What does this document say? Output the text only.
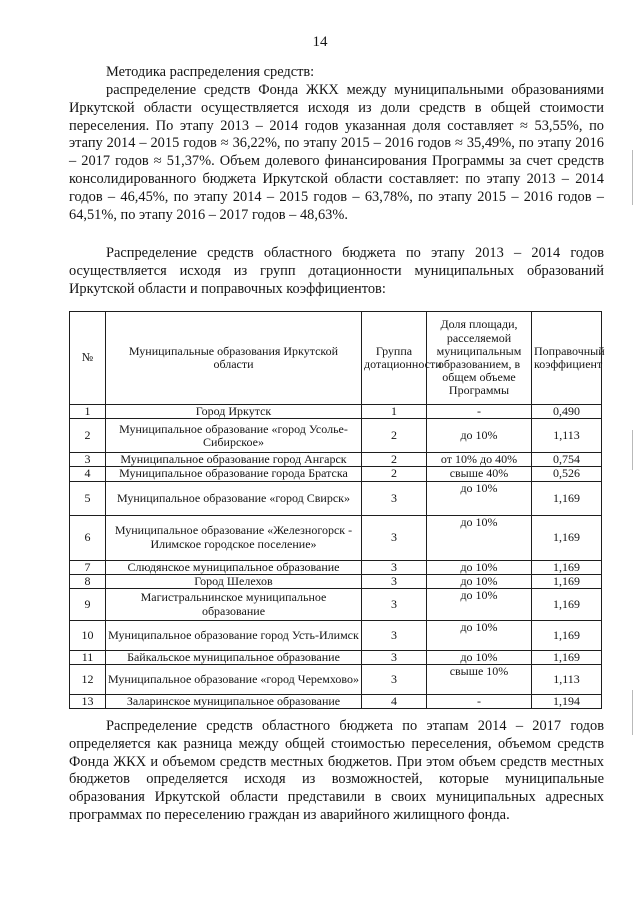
14

Методика распределения средств:

распределение средств Фонда ЖКХ между муниципальными образованиями Иркутской области осуществляется исходя из доли средств в общей стоимости переселения. По этапу 2013 – 2014 годов указанная доля составляет ≈ 53,55%, по этапу 2014 – 2015 годов ≈ 36,22%, по этапу 2015 – 2016 годов ≈ 35,49%, по этапу 2016 – 2017 годов ≈ 51,37%. Объем долевого финансирования Программы за счет средств консолидированного бюджета Иркутской области составляет: по этапу 2013 – 2014 годов – 46,45%, по этапу 2014 – 2015 годов – 63,78%, по этапу 2015 – 2016 годов – 64,51%, по этапу 2016 – 2017 годов – 48,63%.

Распределение средств областного бюджета по этапу 2013 – 2014 годов осуществляется исходя из групп дотационности муниципальных образований Иркутской области и поправочных коэффициентов:

№	Муниципальные образования Иркутской области	Группа дотационности	Доля площади, расселяемой муниципальным образованием, в общем объеме Программы	Поправочный коэффициент
1	Город Иркутск	1	-	0,490
2	Муниципальное образование «город Усолье-Сибирское»	2	до 10%	1,113
3	Муниципальное образование город Ангарск	2	от 10% до 40%	0,754
4	Муниципальное образование города Братска	2	свыше 40%	0,526
5	Муниципальное образование «город Свирск»	3	до 10%	1,169
6	Муниципальное образование «Железногорск - Илимское городское поселение»	3	до 10%	1,169
7	Слюдянское муниципальное образование	3	до 10%	1,169
8	Город Шелехов	3	до 10%	1,169
9	Магистральнинское муниципальное образование	3	до 10%	1,169
10	Муниципальное образование город Усть-Илимск	3	до 10%	1,169
11	Байкальское муниципальное образование	3	до 10%	1,169
12	Муниципальное образование «город Черемхово»	3	свыше 10%	1,113
13	Заларинское муниципальное образование	4	-	1,194

Распределение средств областного бюджета по этапам 2014 – 2017 годов определяется как разница между общей стоимостью переселения, объемом средств Фонда ЖКХ и объемом средств местных бюджетов. При этом объем средств местных бюджетов определяется исходя из возможностей, которые муниципальные образования Иркутской области представили в своих муниципальных адресных программах по переселению граждан из аварийного жилищного фонда.
